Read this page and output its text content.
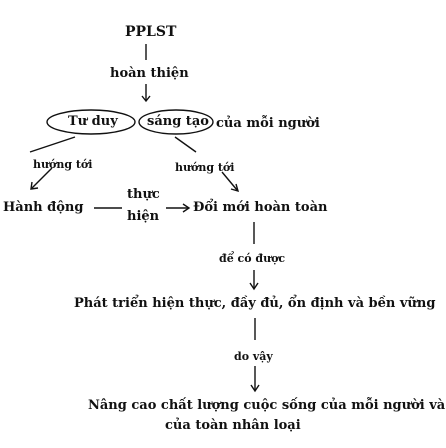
PPLST
hoàn thiện
Tư duy sáng tạo của mỗi người
hướng tới	hướng tới
Hành động
thực
hiện
Đổi mới hoàn toàn
để có được
Phát triển hiện thực, đầy đủ, ổn định và bền vững
do vậy
Nâng cao chất lượng cuộc sống của mỗi người và
của toàn nhân loại
